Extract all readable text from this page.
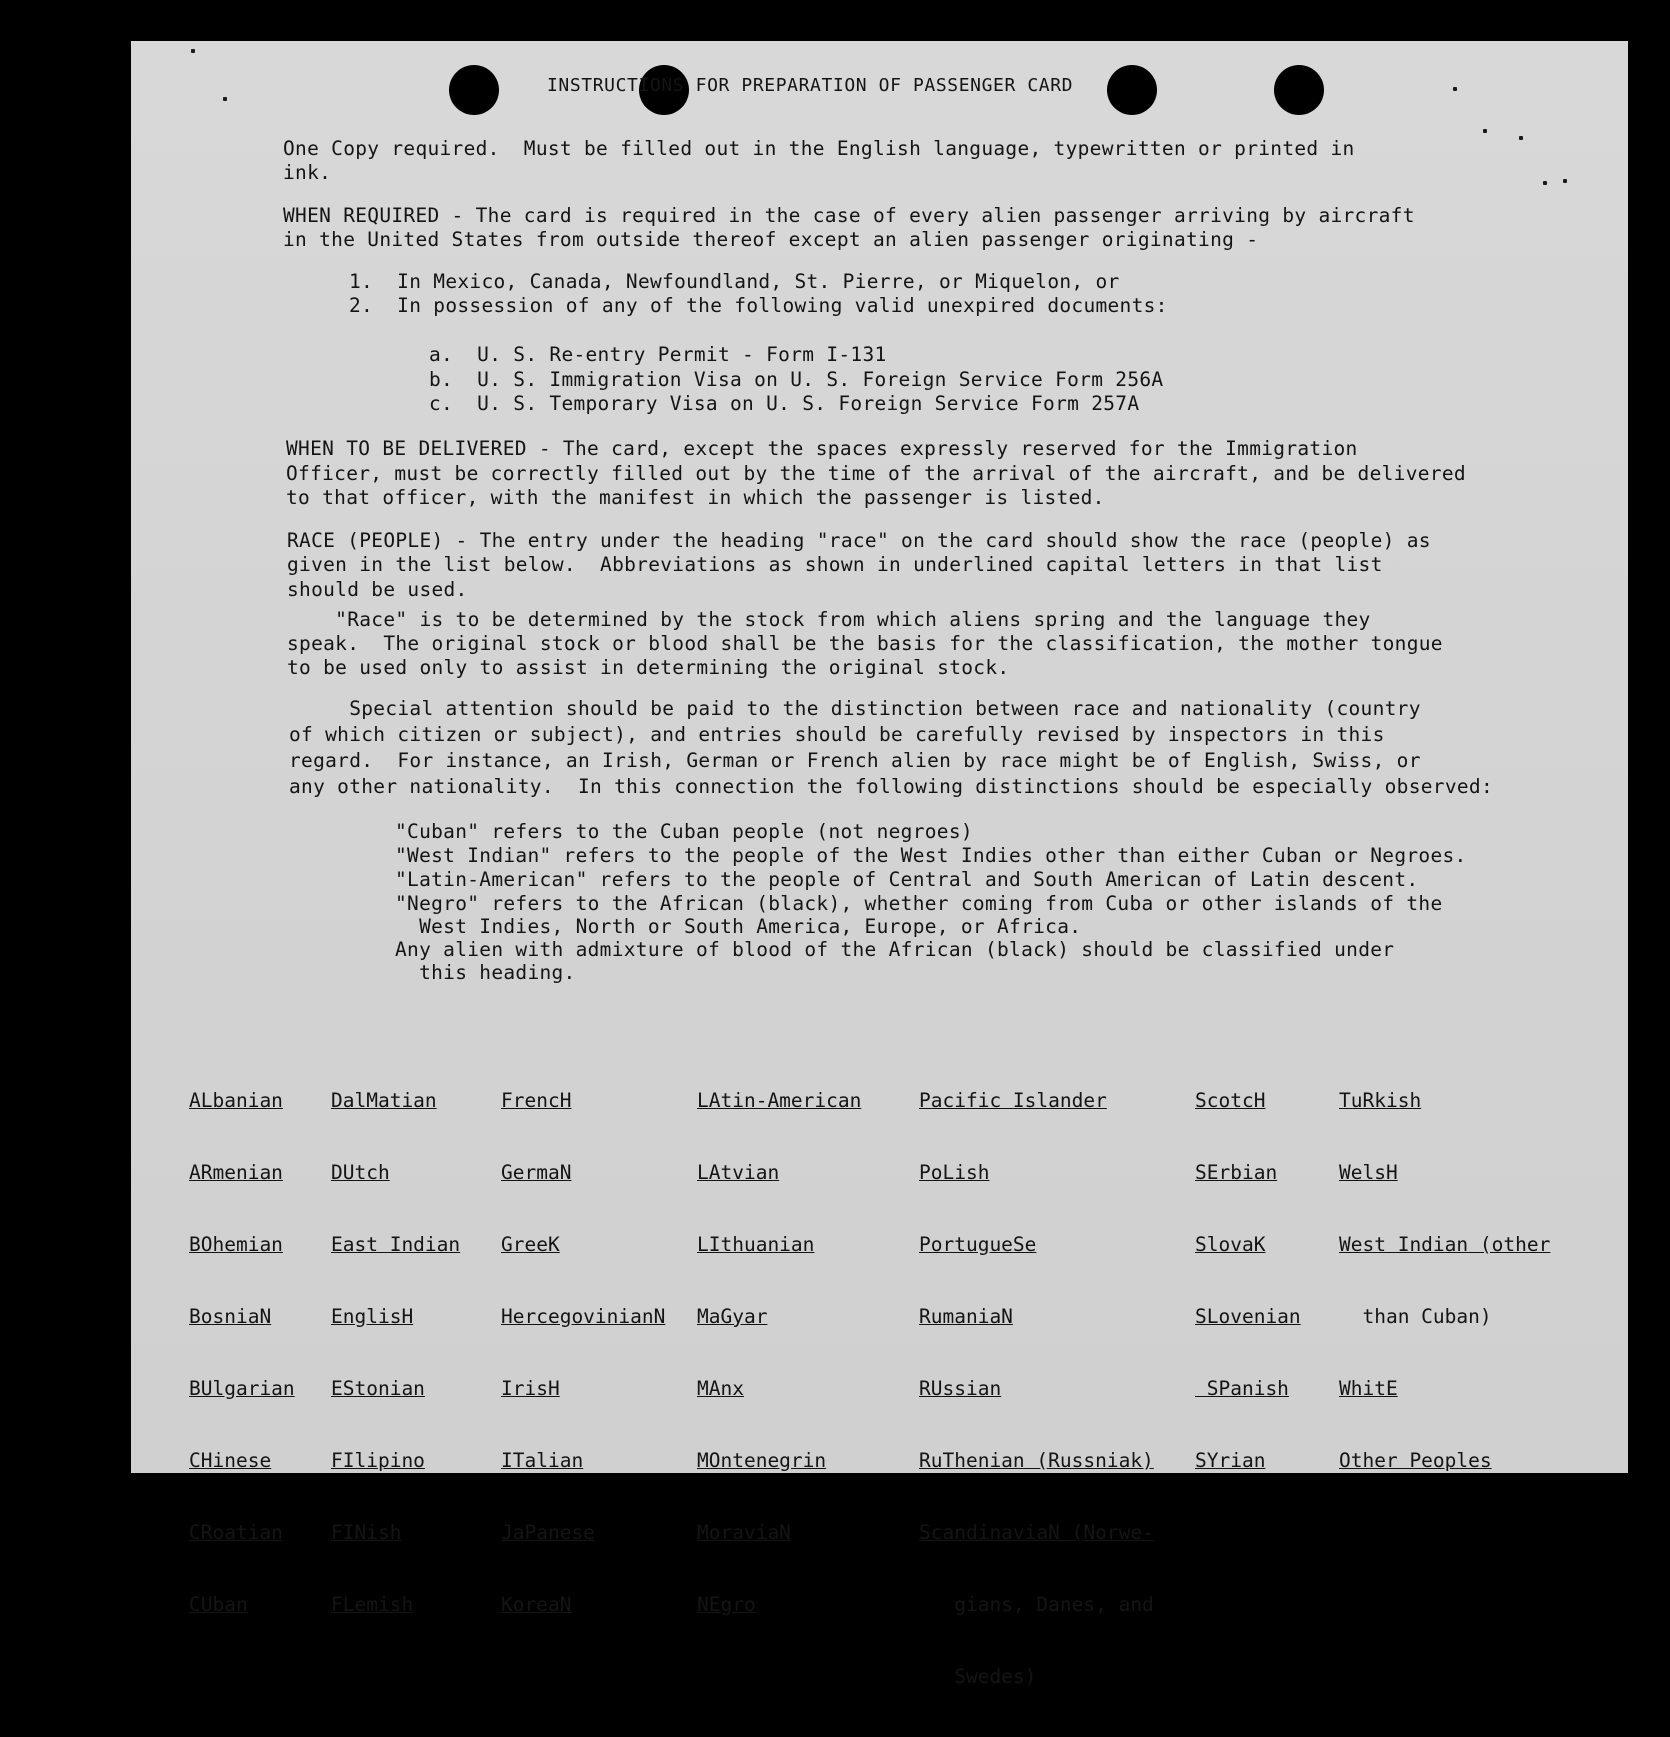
INSTRUCTIONS FOR PREPARATION OF PASSENGER CARD
One Copy required.  Must be filled out in the English language, typewritten or printed in
ink.
WHEN REQUIRED - The card is required in the case of every alien passenger arriving by aircraft
in the United States from outside thereof except an alien passenger originating -
1.  In Mexico, Canada, Newfoundland, St. Pierre, or Miquelon, or
2.  In possession of any of the following valid unexpired documents:
a.  U. S. Re-entry Permit - Form I-131
b.  U. S. Immigration Visa on U. S. Foreign Service Form 256A
c.  U. S. Temporary Visa on U. S. Foreign Service Form 257A
WHEN TO BE DELIVERED - The card, except the spaces expressly reserved for the Immigration
Officer, must be correctly filled out by the time of the arrival of the aircraft, and be delivered
to that officer, with the manifest in which the passenger is listed.
RACE (PEOPLE) - The entry under the heading "race" on the card should show the race (people) as
given in the list below.  Abbreviations as shown in underlined capital letters in that list
should be used.
"Race" is to be determined by the stock from which aliens spring and the language they
speak.  The original stock or blood shall be the basis for the classification, the mother tongue
to be used only to assist in determining the original stock.
Special attention should be paid to the distinction between race and nationality (country
of which citizen or subject), and entries should be carefully revised by inspectors in this
regard.  For instance, an Irish, German or French alien by race might be of English, Swiss, or
any other nationality.  In this connection the following distinctions should be especially observed:
"Cuban" refers to the Cuban people (not negroes)
"West Indian" refers to the people of the West Indies other than either Cuban or Negroes.
"Latin-American" refers to the people of Central and South American of Latin descent.
"Negro" refers to the African (black), whether coming from Cuba or other islands of the
West Indies, North or South America, Europe, or Africa.
Any alien with admixture of blood of the African (black) should be classified under
this heading.

ALbanian

ARmenian

BOhemian

BosniaN

BUlgarian

CHinese

CRoatian

CUban

DalMatian

DUtch

East Indian

EnglisH

EStonian

FIlipino

FINish

FLemish

FrencH

GermaN

GreeK

HercegovinianN

IrisH

ITalian

JaPanese

KoreaN

LAtin-American

LAtvian

LIthuanian

MaGyar

MAnx

MOntenegrin

MoraviaN

NEgro

Pacific Islander

PoLish

PortugueSe

RumaniaN

RUssian

RuThenian (Russniak)

ScandinaviaN (Norwe-

gians, Danes, and

Swedes)

ScotcH

SErbian

SlovaK

SLovenian

SPanish

SYrian

TuRkish

WelsH

West Indian (other

than Cuban)

WhitE

Other Peoples
